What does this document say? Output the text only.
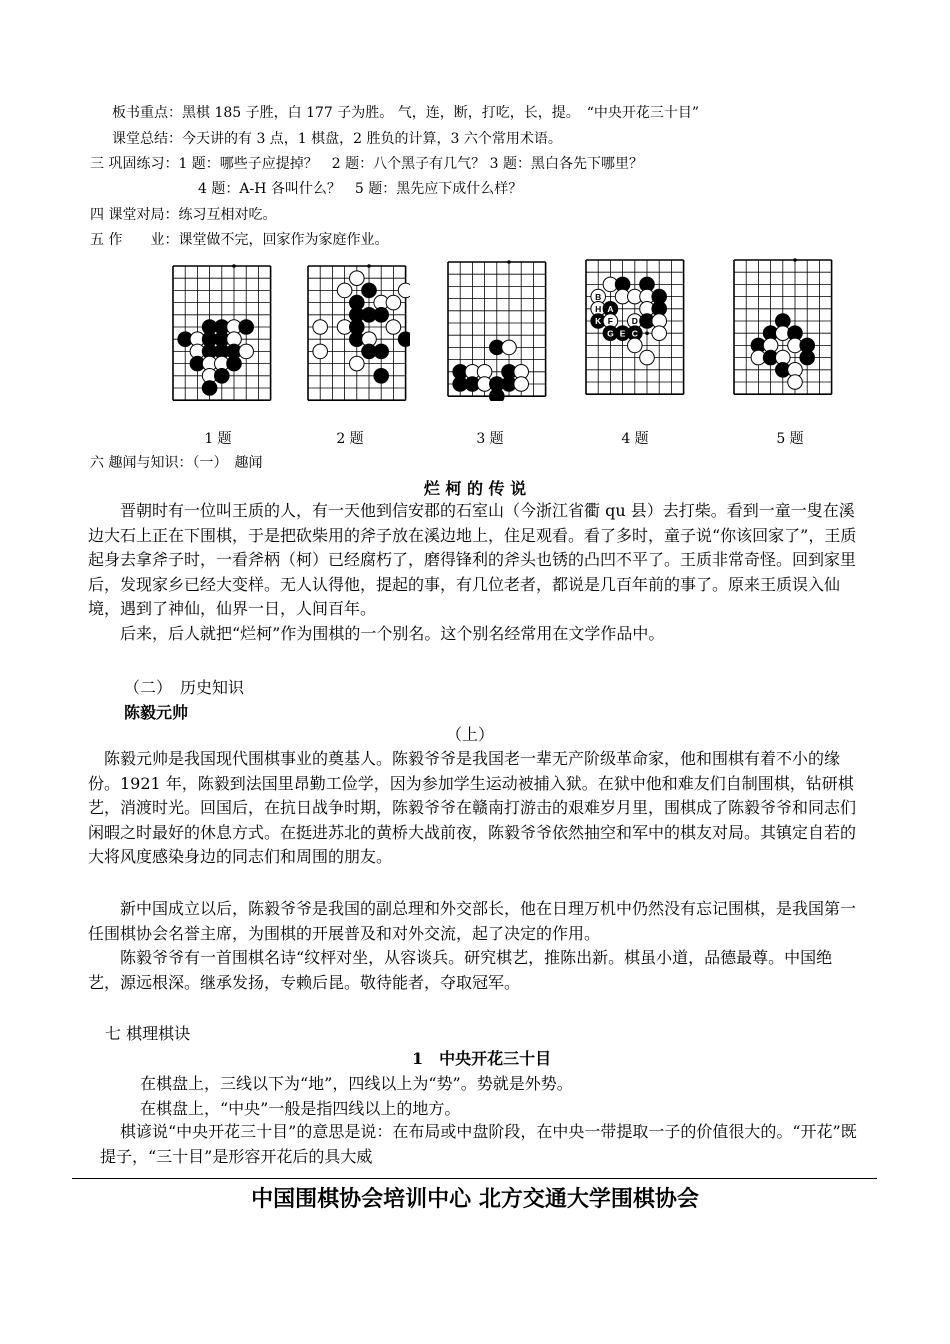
板书重点：黑棋 185 子胜，白 177 子为胜。 气，连，断，打吃，长，提。　“中央开花三十目”
课堂总结：今天讲的有 3 点，1 棋盘，2 胜负的计算，3 六个常用术语。
三 巩固练习：1 题：哪些子应提掉？　2 题：八个黑子有几气？ 3 题：黑白各先下哪里？
4 题：A-H 各叫什么？　5 题：黑先应下成什么样？
四 课堂对局：练习互相对吃。
五 作　　业：课堂做不完，回家作为家庭作业。
B
H A
K F D
G E C
1 题	2 题	3 题	4 题	5 题
六 趣闻与知识：（一）　趣闻
烂 柯 的 传 说
晋朝时有一位叫王质的人，有一天他到信安郡的石室山（今浙江省衢 qu 县）去打柴。看到一童一叟在溪边大石上正在下围棋，于是把砍柴用的斧子放在溪边地上，住足观看。看了多时，童子说“你该回家了”，王质起身去拿斧子时，一看斧柄（柯）已经腐朽了，磨得锋利的斧头也锈的凸凹不平了。王质非常奇怪。回到家里后，发现家乡已经大变样。无人认得他，提起的事，有几位老者，都说是几百年前的事了。原来王质误入仙境，遇到了神仙，仙界一日，人间百年。
后来，后人就把“烂柯”作为围棋的一个别名。这个别名经常用在文学作品中。
（二）　历史知识
陈毅元帅
（上）
陈毅元帅是我国现代围棋事业的奠基人。陈毅爷爷是我国老一辈无产阶级革命家，他和围棋有着不小的缘份。1921 年，陈毅到法国里昂勤工俭学，因为参加学生运动被捕入狱。在狱中他和难友们自制围棋，钻研棋艺，消渡时光。回国后，在抗日战争时期，陈毅爷爷在赣南打游击的艰难岁月里，围棋成了陈毅爷爷和同志们闲暇之时最好的休息方式。在挺进苏北的黄桥大战前夜，陈毅爷爷依然抽空和军中的棋友对局。其镇定自若的大将风度感染身边的同志们和周围的朋友。
新中国成立以后，陈毅爷爷是我国的副总理和外交部长，他在日理万机中仍然没有忘记围棋，是我国第一任围棋协会名誉主席，为围棋的开展普及和对外交流，起了决定的作用。
陈毅爷爷有一首围棋名诗“纹枰对坐，从容谈兵。研究棋艺，推陈出新。棋虽小道，品德最尊。中国绝艺，源远根深。继承发扬，专赖后昆。敬待能者，夺取冠军。
七 棋理棋诀
1　中央开花三十目
在棋盘上，三线以下为“地”，四线以上为“势”。势就是外势。
在棋盘上，“中央”一般是指四线以上的地方。
棋谚说“中央开花三十目”的意思是说：在布局或中盘阶段，在中央一带提取一子的价值很大的。“开花”既提子，“三十目”是形容开花后的具大威
中国围棋协会培训中心 北方交通大学围棋协会
